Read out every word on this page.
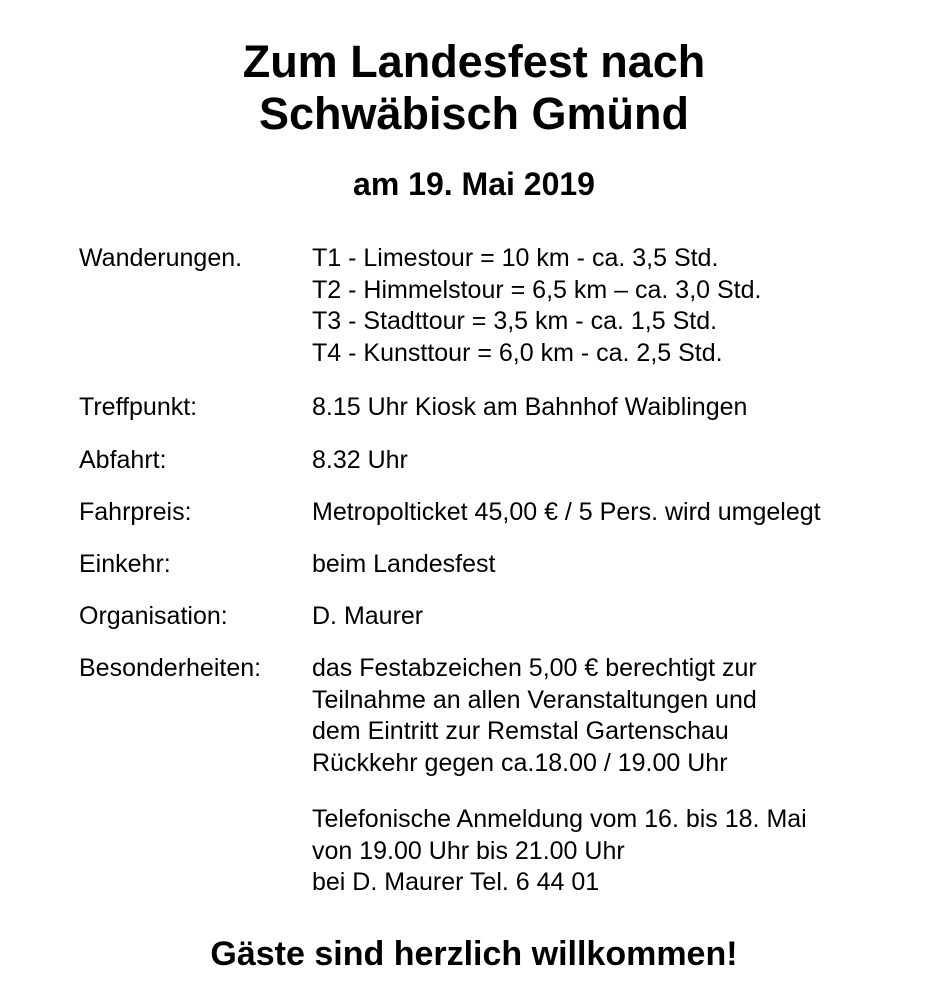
Zum Landesfest nach
Schwäbisch Gmünd
am 19. Mai 2019
Wanderungen.	T1 - Limestour = 10 km - ca. 3,5 Std.
T2 - Himmelstour = 6,5 km – ca. 3,0 Std.
T3 - Stadttour = 3,5 km - ca. 1,5 Std.
T4 - Kunsttour = 6,0 km - ca. 2,5 Std.
Treffpunkt:	8.15 Uhr Kiosk am Bahnhof Waiblingen
Abfahrt:	8.32 Uhr
Fahrpreis:	Metropolticket 45,00 € / 5 Pers. wird umgelegt
Einkehr:	beim Landesfest
Organisation:	D. Maurer
Besonderheiten: das Festabzeichen 5,00 € berechtigt zur
Teilnahme an allen Veranstaltungen und
dem Eintritt zur Remstal Gartenschau
Rückkehr gegen ca.18.00 / 19.00 Uhr
Telefonische Anmeldung vom 16. bis 18. Mai
von 19.00 Uhr bis 21.00 Uhr
bei D. Maurer Tel. 6 44 01

Gäste sind herzlich willkommen!
